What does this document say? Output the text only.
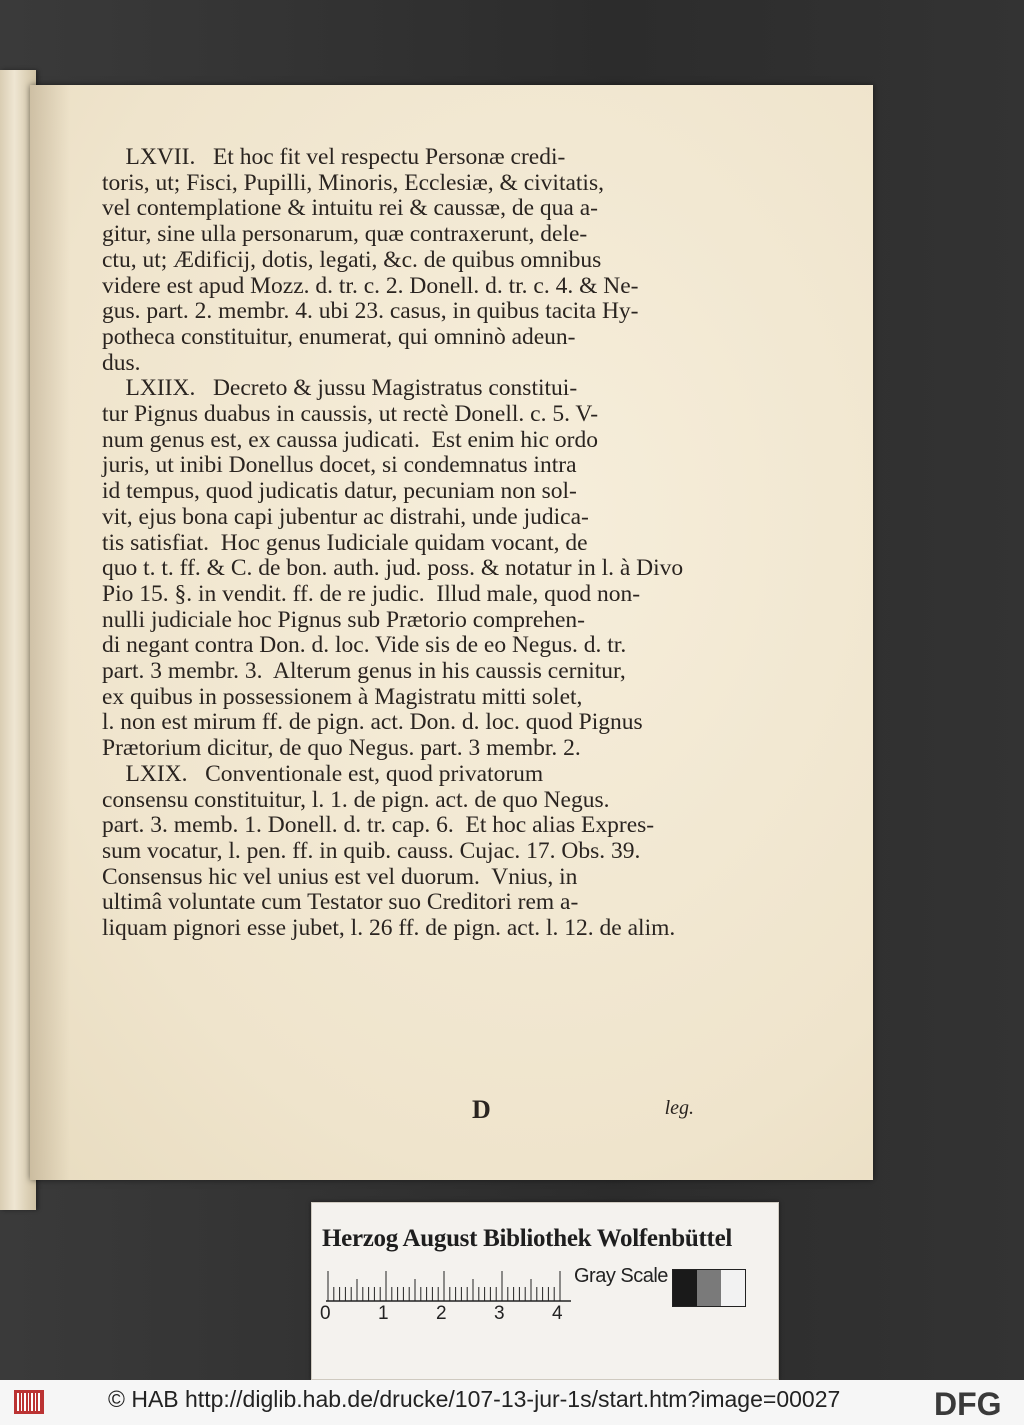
LXVII.   Et hoc fit vel respectu Personæ credi-
toris, ut; Fisci, Pupilli, Minoris, Ecclesiæ, & civitatis,
vel contemplatione & intuitu rei & caussæ, de qua a-
gitur, sine ulla personarum, quæ contraxerunt, dele-
ctu, ut; Ædificij, dotis, legati, &c. de quibus omnibus
videre est apud Mozz. d. tr. c. 2. Donell. d. tr. c. 4. & Ne-
gus. part. 2. membr. 4. ubi 23. casus, in quibus tacita Hy-
potheca constituitur, enumerat, qui omninò adeun-
dus.
LXIIX.   Decreto & jussu Magistratus constitui-
tur Pignus duabus in caussis, ut rectè Donell. c. 5. V-
num genus est, ex caussa judicati.  Est enim hic ordo
juris, ut inibi Donellus docet, si condemnatus intra
id tempus, quod judicatis datur, pecuniam non sol-
vit, ejus bona capi jubentur ac distrahi, unde judica-
tis satisfiat.  Hoc genus Iudiciale quidam vocant, de
quo t. t. ff. & C. de bon. auth. jud. poss. & notatur in l. à Divo
Pio 15. §. in vendit. ff. de re judic.  Illud male, quod non-
nulli judiciale hoc Pignus sub Prætorio comprehen-
di negant contra Don. d. loc. Vide sis de eo Negus. d. tr.
part. 3 membr. 3.  Alterum genus in his caussis cernitur,
ex quibus in possessionem à Magistratu mitti solet,
l. non est mirum ff. de pign. act. Don. d. loc. quod Pignus
Prætorium dicitur, de quo Negus. part. 3 membr. 2.
LXIX.   Conventionale est, quod privatorum
consensu constituitur, l. 1. de pign. act. de quo Negus.
part. 3. memb. 1. Donell. d. tr. cap. 6.  Et hoc alias Expres-
sum vocatur, l. pen. ff. in quib. causs. Cujac. 17. Obs. 39.
Consensus hic vel unius est vel duorum.  Vnius, in
ultimâ voluntate cum Testator suo Creditori rem a-
liquam pignori esse jubet, l. 26 ff. de pign. act. l. 12. de alim.
D	leg.
Herzog August Bibliothek Wolfenbüttel
0 1 2 3 4
Gray Scale
© HAB http://diglib.hab.de/drucke/107-13-jur-1s/start.htm?image=00027	DFG
